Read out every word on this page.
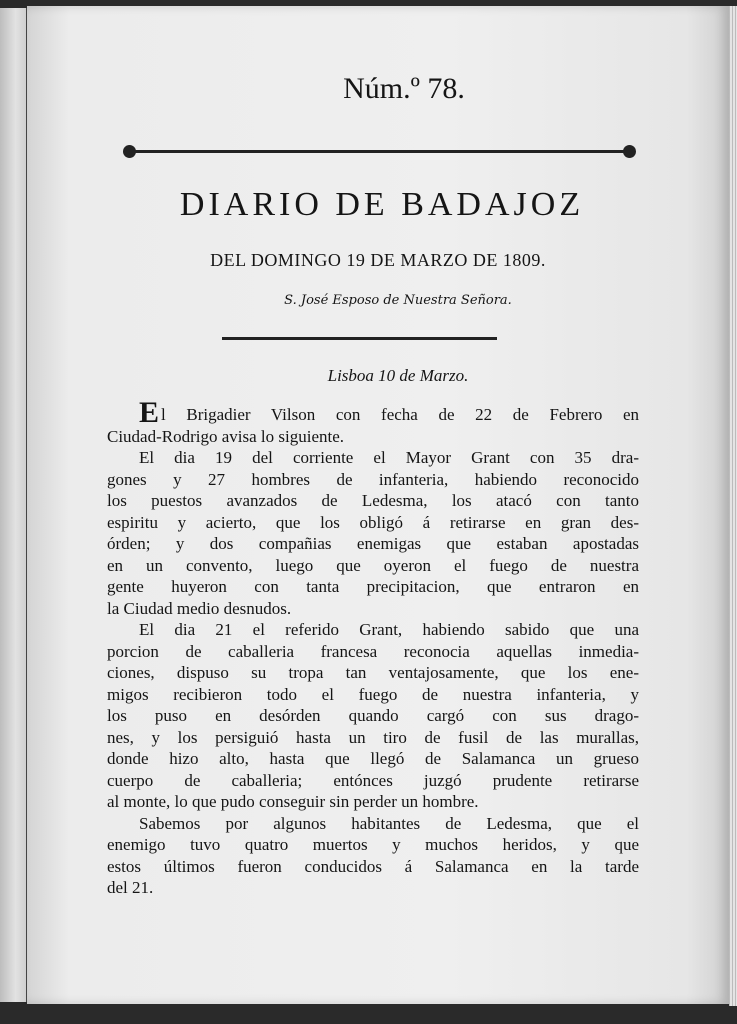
Núm.º 78.
DIARIO DE BADAJOZ
DEL DOMINGO 19 DE MARZO DE 1809.
S. José Esposo de Nuestra Señora.
Lisboa 10 de Marzo.

El Brigadier Vilson con fecha de 22 de Febrero en
Ciudad-Rodrigo avisa lo siguiente.

El dia 19 del corriente el Mayor Grant con 35 dra-
gones y 27 hombres de infanteria, habiendo reconocido
los puestos avanzados de Ledesma, los atacó con tanto
espiritu y acierto, que los obligó á retirarse en gran des-
órden; y dos compañias enemigas que estaban apostadas
en un convento, luego que oyeron el fuego de nuestra
gente huyeron con tanta precipitacion, que entraron en
la Ciudad medio desnudos.

El dia 21 el referido Grant, habiendo sabido que una
porcion de caballeria francesa reconocia aquellas inmedia-
ciones, dispuso su tropa tan ventajosamente, que los ene-
migos recibieron todo el fuego de nuestra infanteria, y
los puso en desórden quando cargó con sus drago-
nes, y los persiguió hasta un tiro de fusil de las murallas,
donde hizo alto, hasta que llegó de Salamanca un grueso
cuerpo de caballeria; entónces juzgó prudente retirarse
al monte, lo que pudo conseguir sin perder un hombre.

Sabemos por algunos habitantes de Ledesma, que el
enemigo tuvo quatro muertos y muchos heridos, y que
estos últimos fueron conducidos á Salamanca en la tarde
del 21.
